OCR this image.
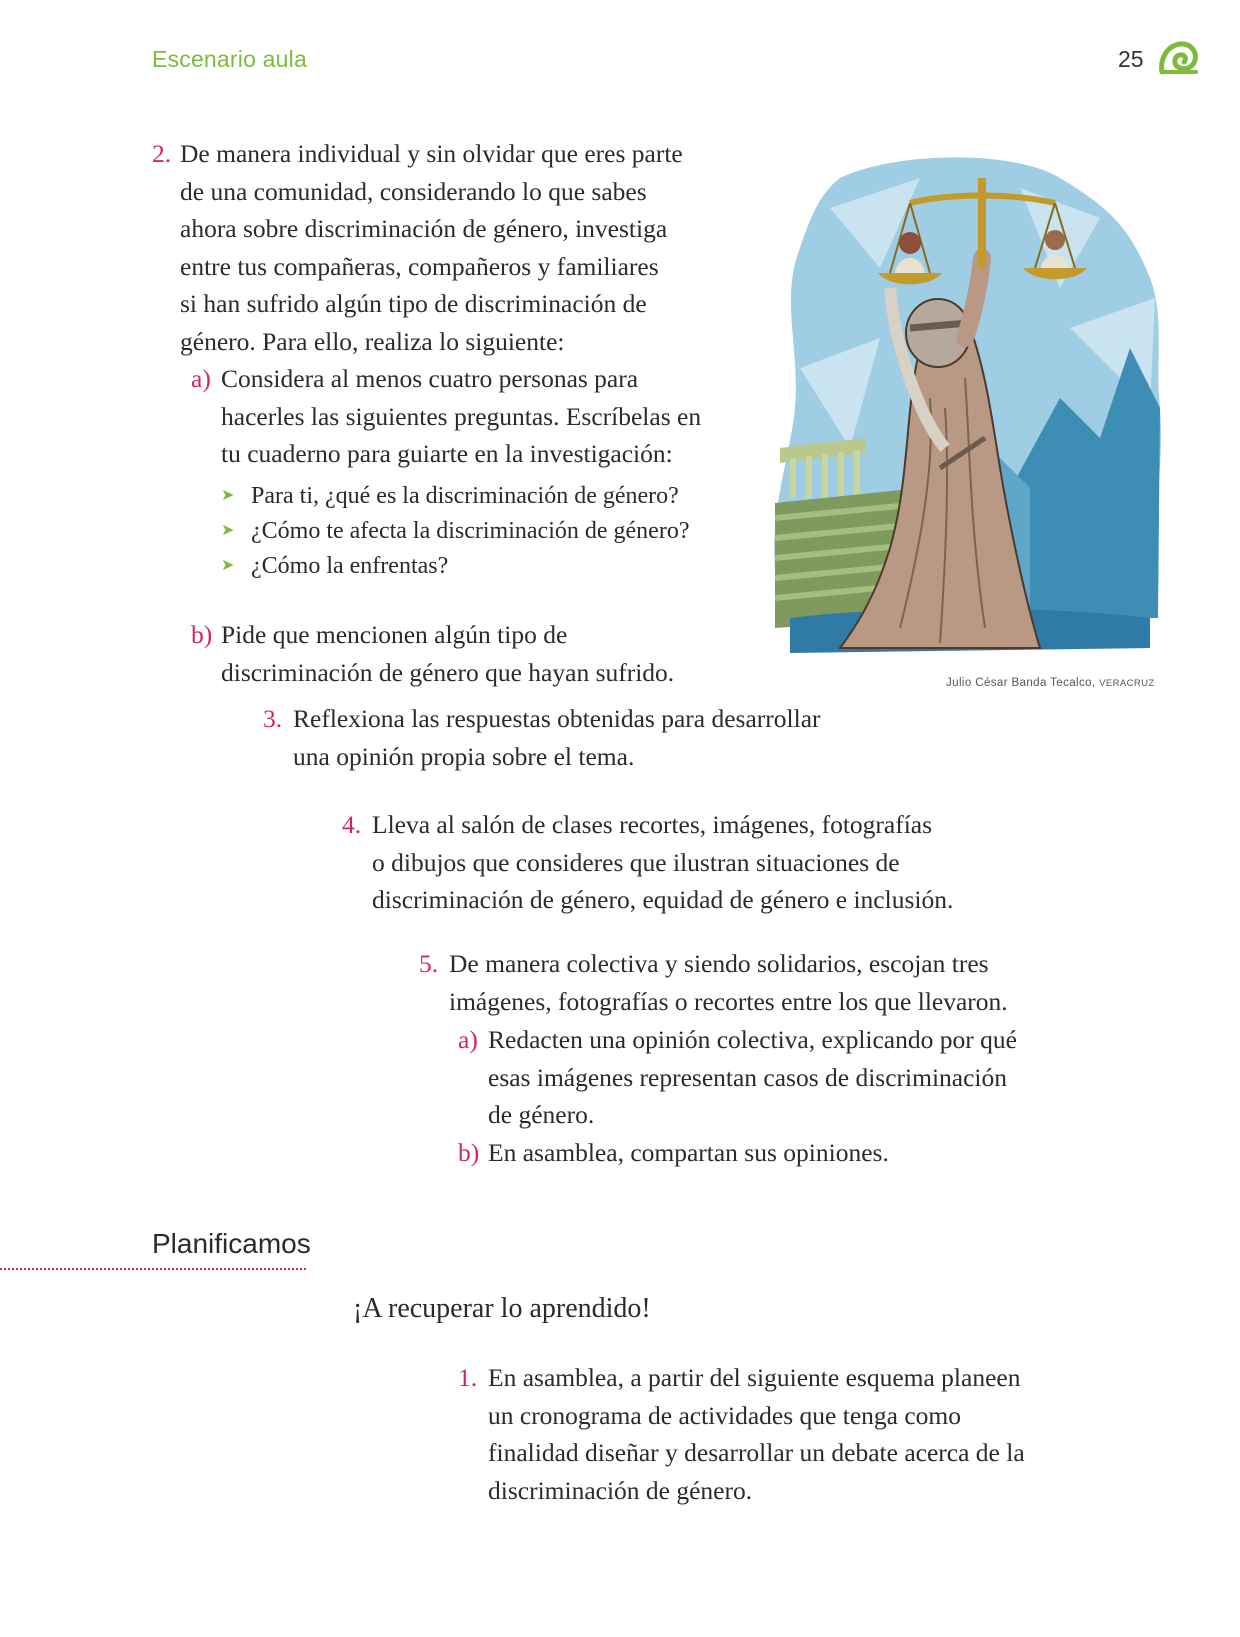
Escenario aula	25
2. De manera individual y sin olvidar que eres parte
de una comunidad, considerando lo que sabes
ahora sobre discriminación de género, investiga
entre tus compañeras, compañeros y familiares
si han sufrido algún tipo de discriminación de
género. Para ello, realiza lo siguiente:
a) Considera al menos cuatro personas para
hacerles las siguientes preguntas. Escríbelas en
tu cuaderno para guiarte en la investigación:
➤ Para ti, ¿qué es la discriminación de género?
➤ ¿Cómo te afecta la discriminación de género?
➤ ¿Cómo la enfrentas?
b) Pide que mencionen algún tipo de
discriminación de género que hayan sufrido.	Julio César Banda Tecalco, VERACRUZ
3. Reflexiona las respuestas obtenidas para desarrollar
una opinión propia sobre el tema.
4. Lleva al salón de clases recortes, imágenes, fotografías
o dibujos que consideres que ilustran situaciones de
discriminación de género, equidad de género e inclusión.
5. De manera colectiva y siendo solidarios, escojan tres
imágenes, fotografías o recortes entre los que llevaron.
a) Redacten una opinión colectiva, explicando por qué
esas imágenes representan casos de discriminación
de género.
b) En asamblea, compartan sus opiniones.
Planificamos
¡A recuperar lo aprendido!
1. En asamblea, a partir del siguiente esquema planeen
un cronograma de actividades que tenga como
finalidad diseñar y desarrollar un debate acerca de la
discriminación de género.
